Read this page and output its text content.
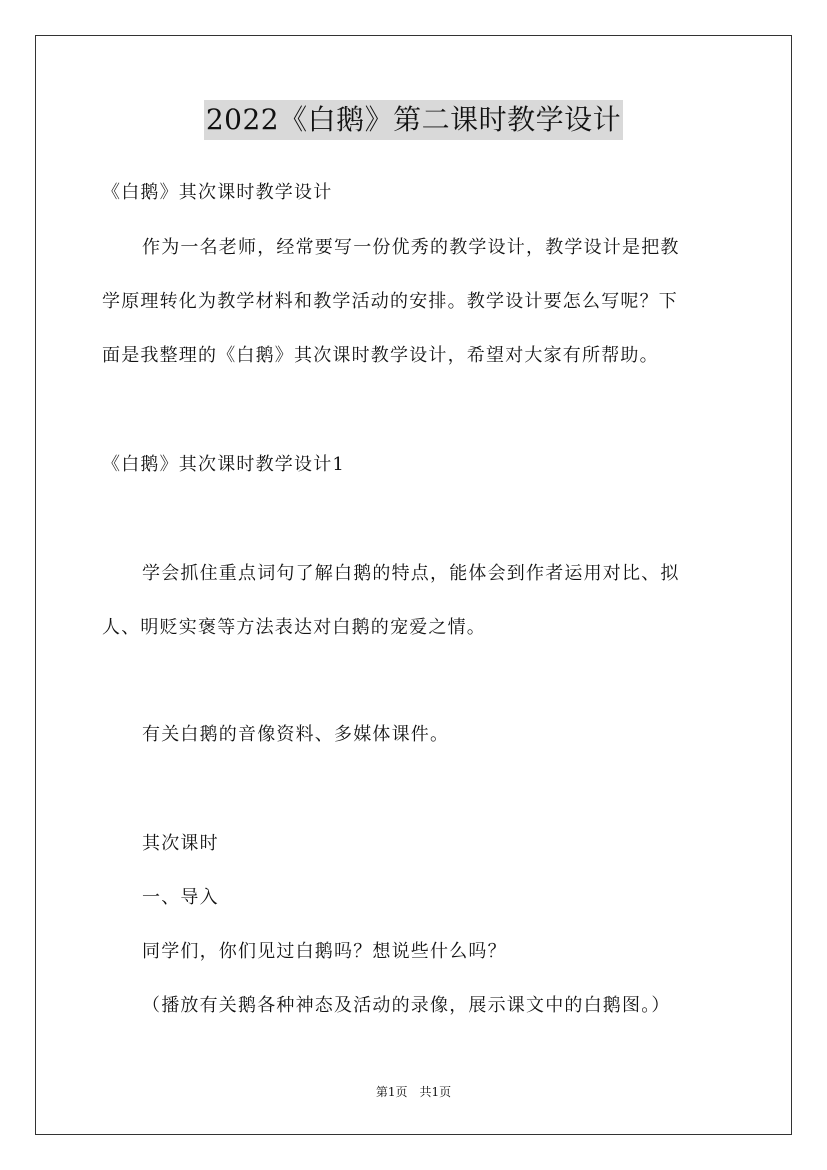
2022《白鹅》第二课时教学设计
《白鹅》其次课时教学设计
作为一名老师，经常要写一份优秀的教学设计，教学设计是把教
学原理转化为教学材料和教学活动的安排。教学设计要怎么写呢？下
面是我整理的《白鹅》其次课时教学设计，希望对大家有所帮助。
《白鹅》其次课时教学设计1
学会抓住重点词句了解白鹅的特点，能体会到作者运用对比、拟
人、明贬实褒等方法表达对白鹅的宠爱之情。
有关白鹅的音像资料、多媒体课件。
其次课时
一、导入
同学们，你们见过白鹅吗？想说些什么吗？
（播放有关鹅各种神态及活动的录像，展示课文中的白鹅图。）
第1页　共1页
